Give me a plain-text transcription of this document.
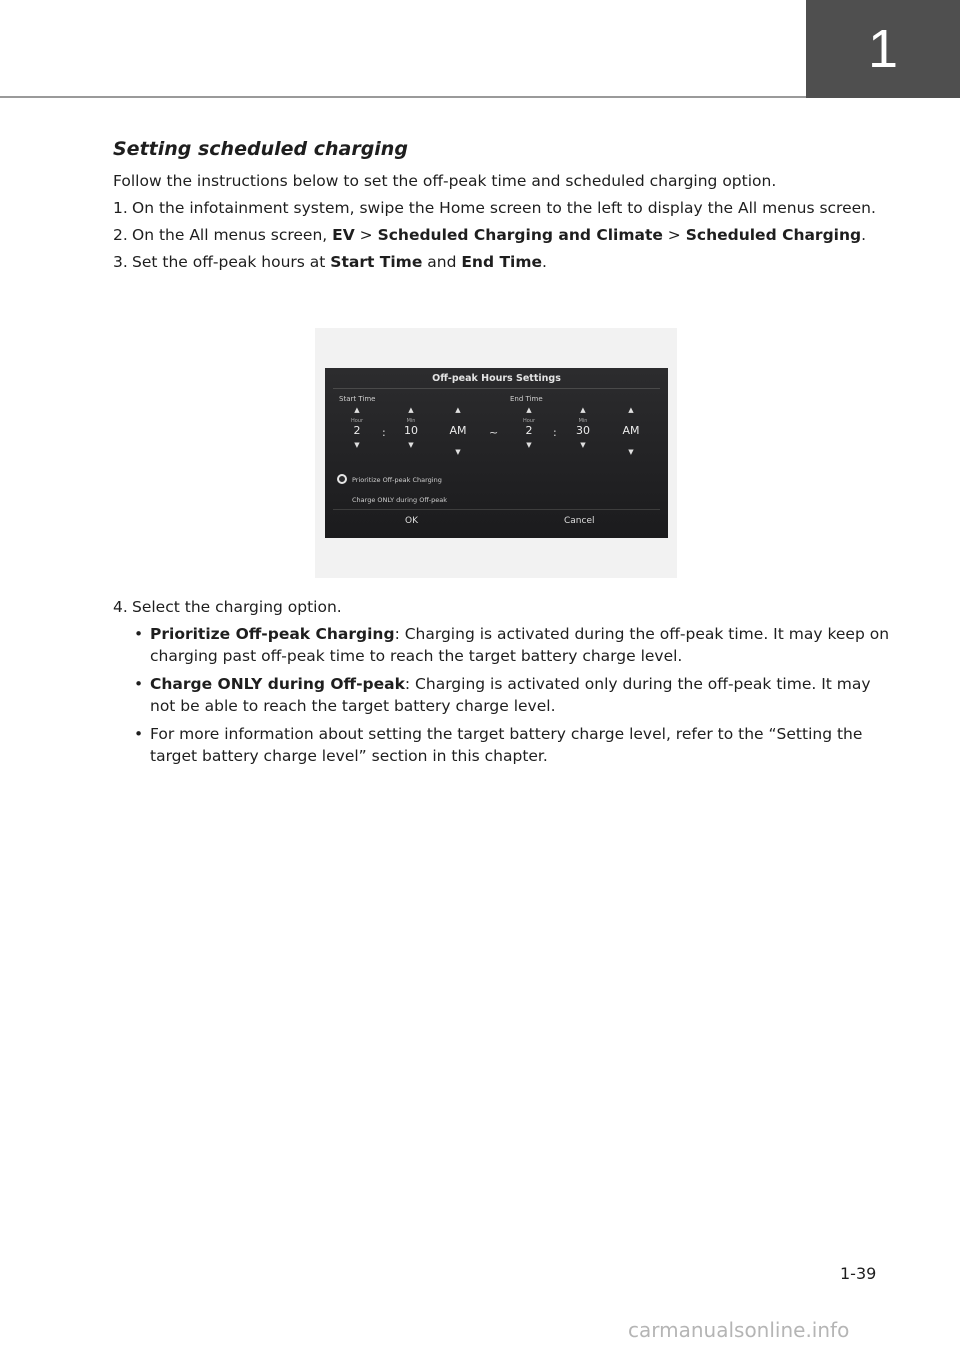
1
Setting scheduled charging

Follow the instructions below to set the off-peak time and scheduled charging option.

1. On the infotainment system, swipe the Home screen to the left to display the All menus screen.
2. On the All menus screen, EV > Scheduled Charging and Climate > Scheduled Charging.
3. Set the off-peak hours at Start Time and End Time.
Off-peak Hours Settings
Start Time	End Time
▲
Hour
2
▼
:
▲
Min
10
▼
▲
AM
▼
~
▲
Hour
2
▼
:
▲
Min
30
▼
▲
AM
▼
Prioritize Off-peak Charging
Charge ONLY during Off-peak
OK	Cancel
4. Select the charging option.
• Prioritize Off-peak Charging: Charging is activated during the off-peak time. It may keep on charging past off-peak time to reach the target battery charge level.
• Charge ONLY during Off-peak: Charging is activated only during the off-peak time. It may not be able to reach the target battery charge level.
• For more information about setting the target battery charge level, refer to the “Setting the target battery charge level” section in this chapter.
1-39
carmanualsonline.info
